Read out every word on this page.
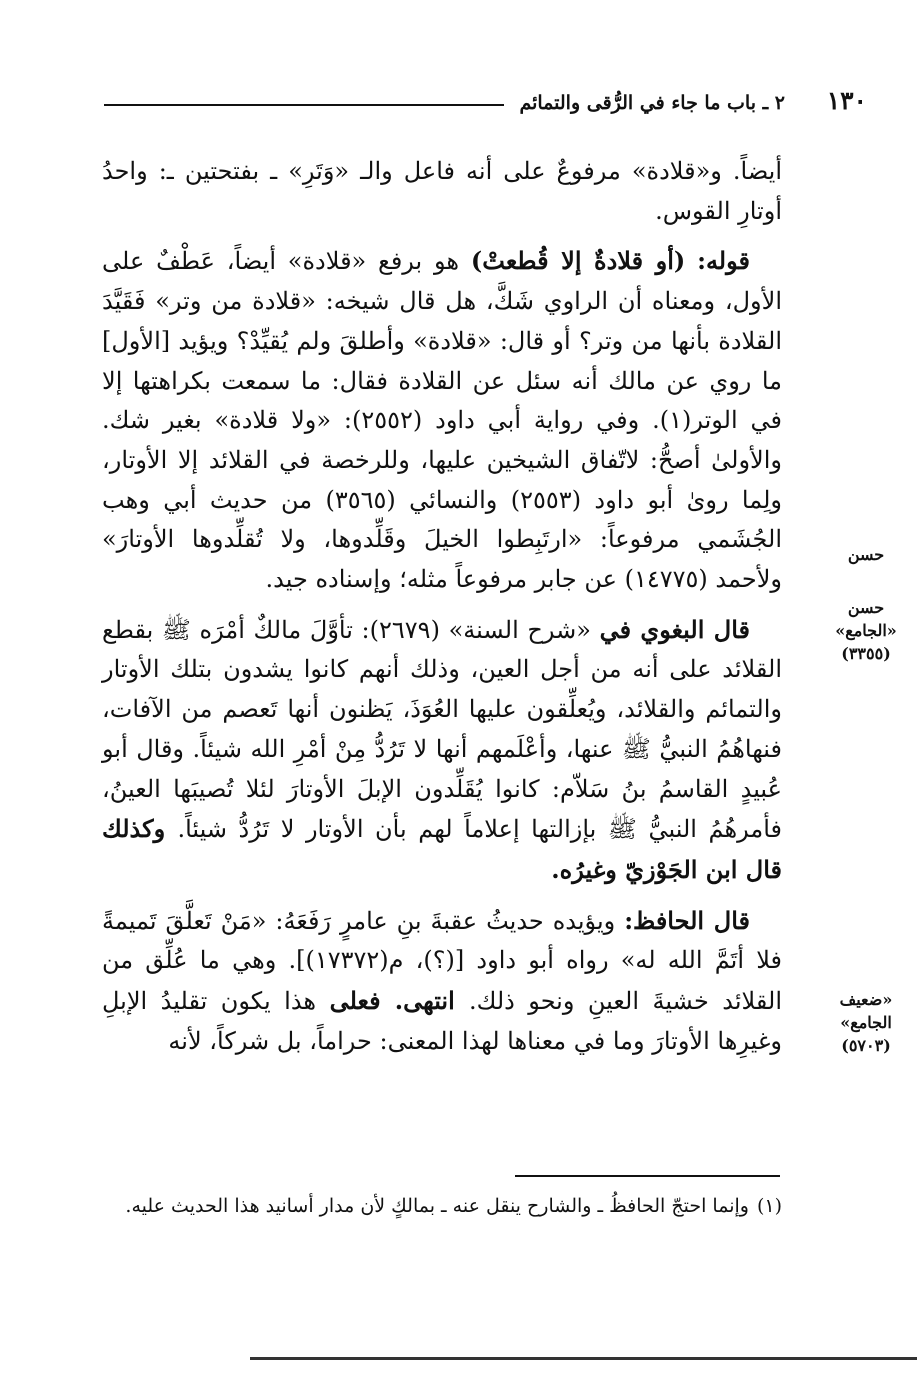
١٣٠
٢ ـ باب ما جاء في الرُّقى والتمائم

أيضاً. و«قلادة» مرفوعٌ على أنه فاعل والـ «وَتَرِ» ـ بفتحتين ـ: واحدُ أوتارِ القوس.

قوله: (أو قلادةٌ إلا قُطعتْ) هو برفع «قلادة» أيضاً، عَطْفٌ على الأول، ومعناه أن الراوي شَكَّ، هل قال شيخه: «قلادة من وتر» فَقَيَّدَ القلادة بأنها من وتر؟ أو قال: «قلادة» وأطلقَ ولم يُقيِّدْ؟ ويؤيد [الأول] ما روي عن مالك أنه سئل عن القلادة فقال: ما سمعت بكراهتها إلا في الوتر(١). وفي رواية أبي داود (٢٥٥٢): «ولا قلادة» بغير شك. والأولىٰ أصحُّ: لاتّفاق الشيخين عليها، وللرخصة في القلائد إلا الأوتار، ولِما روىٰ أبو داود (٢٥٥٣) والنسائي (٣٥٦٥) من حديث أبي وهب الجُشَمي مرفوعاً: «ارتَبِطوا الخيلَ وقَلِّدوها، ولا تُقلِّدوها الأوتارَ» ولأحمد (١٤٧٧٥) عن جابر مرفوعاً مثله؛ وإسناده جيد.

قال البغوي في «شرح السنة» (٢٦٧٩): تأوَّلَ مالكٌ أمْرَه ﷺ بقطع القلائد على أنه من أجل العين، وذلك أنهم كانوا يشدون بتلك الأوتار والتمائم والقلائد، ويُعلِّقون عليها العُوَذَ، يَظنون أنها تَعصم من الآفات، فنهاهُمُ النبيُّ ﷺ عنها، وأعْلَمهم أنها لا تَرُدُّ مِنْ أمْرِ الله شيئاً. وقال أبو عُبيدٍ القاسمُ بنُ سَلاّم: كانوا يُقَلِّدون الإبلَ الأوتارَ لئلا تُصيبَها العينُ، فأمرهُمُ النبيُّ ﷺ بإزالتها إعلاماً لهم بأن الأوتار لا تَرُدُّ شيئاً. وكذلك قال ابن الجَوْزيّ وغيرُه.

قال الحافظ: ويؤيده حديثُ عقبةَ بنِ عامرٍ رَفَعَهُ: «مَنْ تَعلَّقَ تَميمةً فلا أتَمَّ الله له» رواه أبو داود [(؟)، م(١٧٣٧٢)]. وهي ما عُلِّق من القلائد خشيةَ العينِ ونحو ذلك. انتهى. فعلى هذا يكون تقليدُ الإبلِ وغيرِها الأوتارَ وما في معناها لهذا المعنى: حراماً، بل شركاً، لأنه

حسن
حسن
«الجامع»
(٣٣٥٥)
«ضعيف
الجامع»
(٥٧٠٣)
(١)وإنما احتجّ الحافظُ ـ والشارح ينقل عنه ـ بمالكٍ لأن مدار أسانيد هذا الحديث عليه.
